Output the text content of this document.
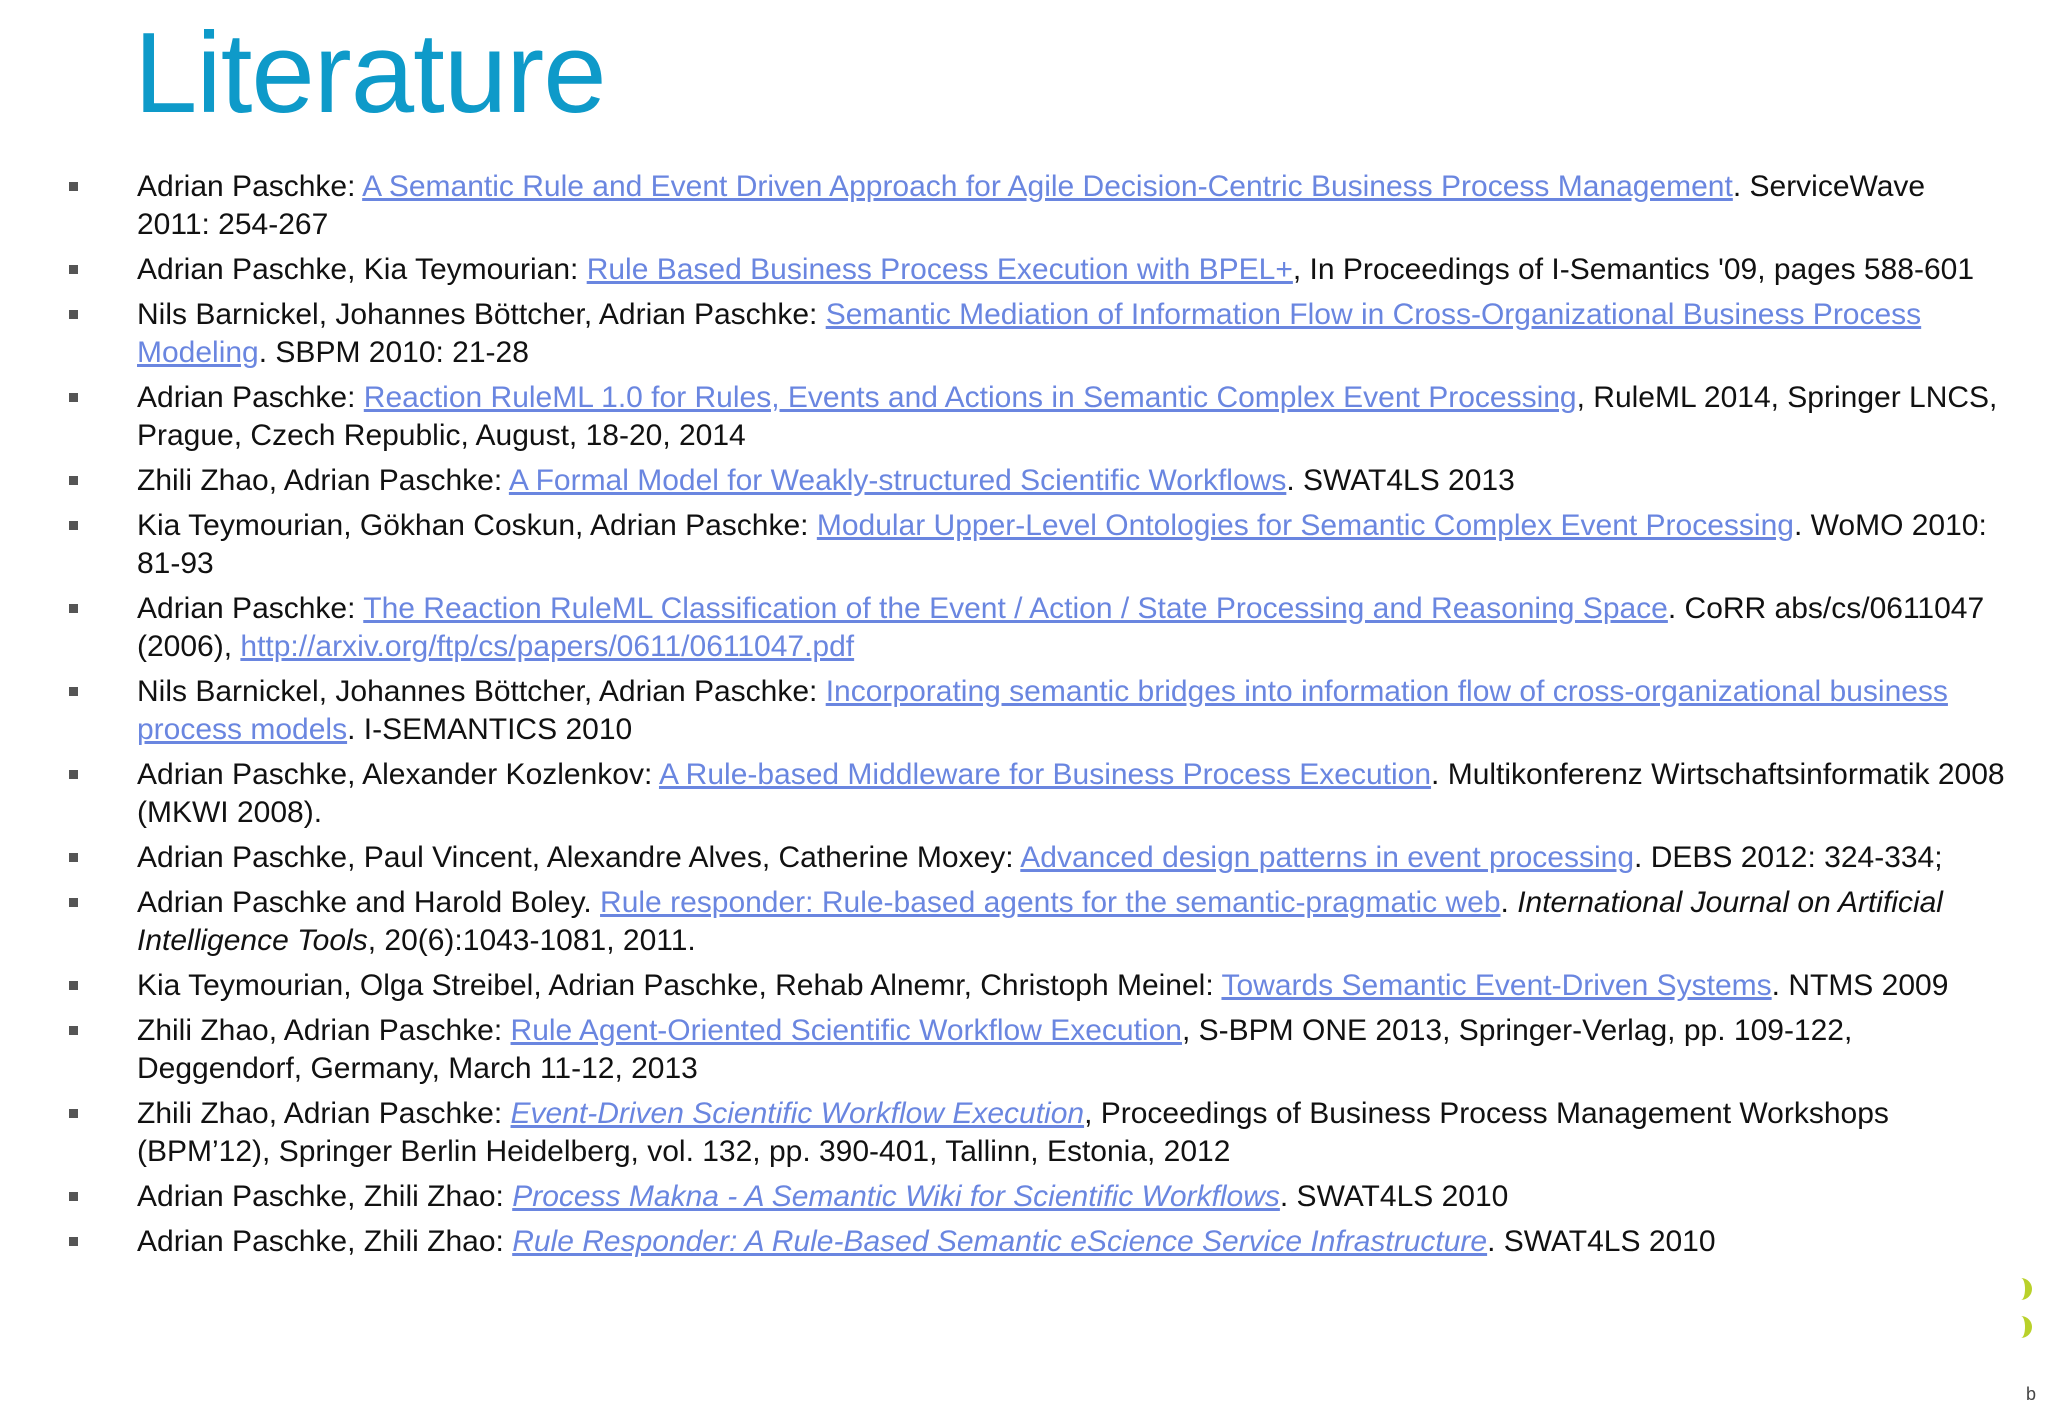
Literature
Adrian Paschke: A Semantic Rule and Event Driven Approach for Agile Decision-Centric Business Process Management. ServiceWave 2011: 254-267
Adrian Paschke, Kia Teymourian: Rule Based Business Process Execution with BPEL+, In Proceedings of I-Semantics '09, pages 588-601
Nils Barnickel, Johannes Böttcher, Adrian Paschke: Semantic Mediation of Information Flow in Cross-Organizational Business Process Modeling. SBPM 2010: 21-28
Adrian Paschke: Reaction RuleML 1.0 for Rules, Events and Actions in Semantic Complex Event Processing, RuleML 2014, Springer LNCS, Prague, Czech Republic, August, 18-20, 2014
Zhili Zhao, Adrian Paschke: A Formal Model for Weakly-structured Scientific Workflows. SWAT4LS 2013
Kia Teymourian, Gökhan Coskun, Adrian Paschke: Modular Upper-Level Ontologies for Semantic Complex Event Processing. WoMO 2010: 81-93
Adrian Paschke: The Reaction RuleML Classification of the Event / Action / State Processing and Reasoning Space. CoRR abs/cs/0611047 (2006), http://arxiv.org/ftp/cs/papers/0611/0611047.pdf
Nils Barnickel, Johannes Böttcher, Adrian Paschke: Incorporating semantic bridges into information flow of cross-organizational business process models. I-SEMANTICS 2010
Adrian Paschke, Alexander Kozlenkov: A Rule-based Middleware for Business Process Execution. Multikonferenz Wirtschaftsinformatik 2008 (MKWI 2008).
Adrian Paschke, Paul Vincent, Alexandre Alves, Catherine Moxey: Advanced design patterns in event processing. DEBS 2012: 324-334;
Adrian Paschke and Harold Boley. Rule responder: Rule-based agents for the semantic-pragmatic web. International Journal on Artificial Intelligence Tools, 20(6):1043-1081, 2011.
Kia Teymourian, Olga Streibel, Adrian Paschke, Rehab Alnemr, Christoph Meinel: Towards Semantic Event-Driven Systems. NTMS 2009
Zhili Zhao, Adrian Paschke: Rule Agent-Oriented Scientific Workflow Execution, S-BPM ONE 2013, Springer-Verlag, pp. 109-122, Deggendorf, Germany, March 11-12, 2013
Zhili Zhao, Adrian Paschke: Event-Driven Scientific Workflow Execution, Proceedings of Business Process Management Workshops (BPM’12), Springer Berlin Heidelberg, vol. 132, pp. 390-401, Tallinn, Estonia, 2012
Adrian Paschke, Zhili Zhao: Process Makna - A Semantic Wiki for Scientific Workflows. SWAT4LS 2010
Adrian Paschke, Zhili Zhao: Rule Responder: A Rule-Based Semantic eScience Service Infrastructure. SWAT4LS 2010
b
